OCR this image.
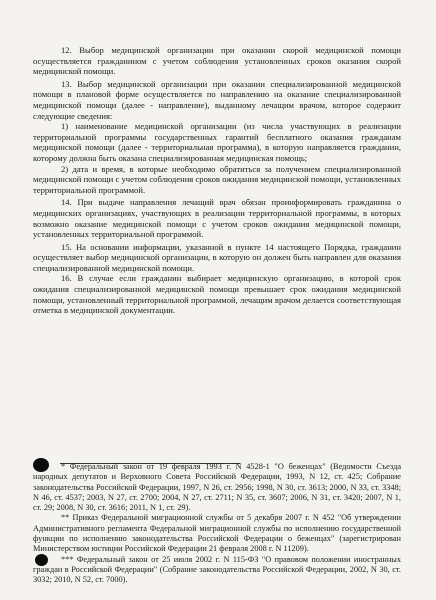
12. Выбор медицинской организации при оказании скорой медицинской помощи осуществляется гражданином с учетом соблюдения установленных сроков оказания скорой медицинской помощи.

13. Выбор медицинской организации при оказании специализированной медицинской помощи в плановой форме осуществляется по направлению на оказание специализированной медицинской помощи (далее - направление), выданному лечащим врачом, которое содержит следующие сведения:

1) наименование медицинской организации (из числа участвующих в реализации территориальной программы государственных гарантий бесплатного оказания гражданам медицинской помощи (далее - территориальная программа), в которую направляется гражданин, которому должна быть оказана специализированная медицинская помощь;

2) дата и время, в которые необходимо обратиться за получением специализированной медицинской помощи с учетом соблюдения сроков ожидания медицинской помощи, установленных территориальной программой.

14. При выдаче направления лечащий врач обязан проинформировать гражданина о медицинских организациях, участвующих в реализации территориальной программы, в которых возможно оказание медицинской помощи с учетом сроков ожидания медицинской помощи, установленных территориальной программой.

15. На основании информации, указанной в пункте 14 настоящего Порядка, гражданин осуществляет выбор медицинской организации, в которую он должен быть направлен для оказания специализированной медицинской помощи.

16. В случае если гражданин выбирает медицинскую организацию, в которой срок ожидания специализированной медицинской помощи превышает срок ожидания медицинской помощи, установленный территориальной программой, лечащим врачом делается соответствующая отметка в медицинской документации.

* Федеральный закон от 19 февраля 1993 г. N 4528-1 "О беженцах" (Ведомости Съезда народных депутатов и Верховного Совета Российской Федерации, 1993, N 12, ст. 425; Собрание законодательства Российской Федерации, 1997, N 26, ст. 2956; 1998, N 30, ст. 3613; 2000, N 33, ст. 3348; N 46, ст. 4537; 2003, N 27, ст. 2700; 2004, N 27, ст. 2711; N 35, ст. 3607; 2006, N 31, ст. 3420; 2007, N 1, ст. 29; 2008, N 30, ст. 3616; 2011, N 1, ст. 29).

** Приказ Федеральной миграционной службы от 5 декабря 2007 г. N 452 "Об утверждении Административного регламента Федеральной миграционной службы по исполнению государственной функции по исполнению законодательства Российской Федерации о беженцах" (зарегистрирован Министерством юстиции Российской Федерации 21 февраля 2008 г. N 11209).

*** Федеральный закон от 25 июля 2002 г. N 115-ФЗ "О правовом положении иностранных граждан в Российской Федерации" (Собрание законодательства Российской Федерации, 2002, N 30, ст. 3032; 2010, N 52, ст. 7000).
